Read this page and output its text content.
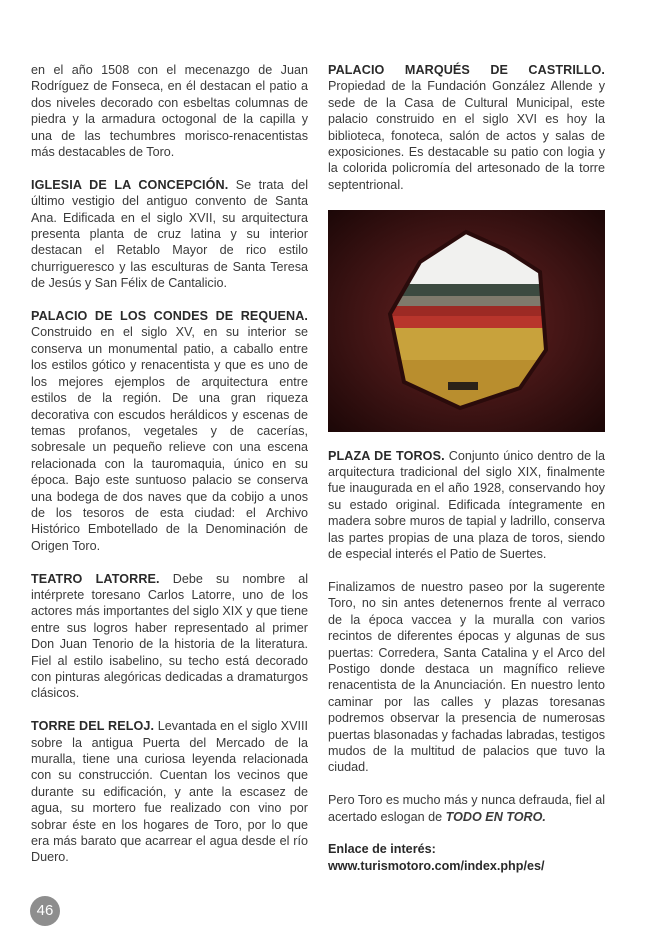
en el año 1508 con el mecenazgo de Juan Rodríguez de Fonseca, en él destacan el patio a dos niveles decorado con esbeltas columnas de piedra y la armadura octogonal de la capilla y una de las techumbres morisco-renacentistas más destacables de Toro.

IGLESIA DE LA CONCEPCIÓN. Se trata del último vestigio del antiguo convento de Santa Ana. Edificada en el siglo XVII, su arquitectura presenta planta de cruz latina y su interior destacan el Retablo Mayor de rico estilo churrigueresco y las esculturas de Santa Teresa de Jesús y San Félix de Cantalicio.

PALACIO DE LOS CONDES DE REQUENA. Construido en el siglo XV, en su interior se conserva un monumental patio, a caballo entre los estilos gótico y renacentista y que es uno de los mejores ejemplos de arquitectura entre estilos de la región. De una gran riqueza decorativa con escudos heráldicos y escenas de temas profanos, vegetales y de cacerías, sobresale un pequeño relieve con una escena relacionada con la tauromaquia, único en su época. Bajo este suntuoso palacio se conserva una bodega de dos naves que da cobijo a unos de los tesoros de esta ciudad: el Archivo Histórico Embotellado de la Denominación de Origen Toro.

TEATRO LATORRE. Debe su nombre al intérprete toresano Carlos Latorre, uno de los actores más importantes del siglo XIX y que tiene entre sus logros haber representado al primer Don Juan Tenorio de la historia de la literatura. Fiel al estilo isabelino, su techo está decorado con pinturas alegóricas dedicadas a dramaturgos clásicos.

TORRE DEL RELOJ. Levantada en el siglo XVIII sobre la antigua Puerta del Mercado de la muralla, tiene una curiosa leyenda relacionada con su construcción. Cuentan los vecinos que durante su edificación, y ante la escasez de agua, su mortero fue realizado con vino por sobrar éste en los hogares de Toro, por lo que era más barato que acarrear el agua desde el río Duero.

PALACIO MARQUÉS DE CASTRILLO. Propiedad de la Fundación González Allende y sede de la Casa de Cultural Municipal, este palacio construido en el siglo XVI es hoy la biblioteca, fonoteca, salón de actos y salas de exposiciones. Es destacable su patio con logia y la colorida policromía del artesonado de la torre septentrional.

PLAZA DE TOROS. Conjunto único dentro de la arquitectura tradicional del siglo XIX, finalmente fue inaugurada en el año 1928, conservando hoy su estado original. Edificada íntegramente en madera sobre muros de tapial y ladrillo, conserva las partes propias de una plaza de toros, siendo de especial interés el Patio de Suertes.

Finalizamos de nuestro paseo por la sugerente Toro, no sin antes detenernos frente al verraco de la época vaccea y la muralla con varios recintos de diferentes épocas y algunas de sus puertas: Corredera, Santa Catalina y el Arco del Postigo donde destaca un magnífico relieve renacentista de la Anunciación. En nuestro lento caminar por las calles y plazas toresanas podremos observar la presencia de numerosas puertas blasonadas y fachadas labradas, testigos mudos de la multitud de palacios que tuvo la ciudad.

Pero Toro es mucho más y nunca defrauda, fiel al acertado eslogan de TODO EN TORO.

Enlace de interés:
www.turismotoro.com/index.php/es/

46
